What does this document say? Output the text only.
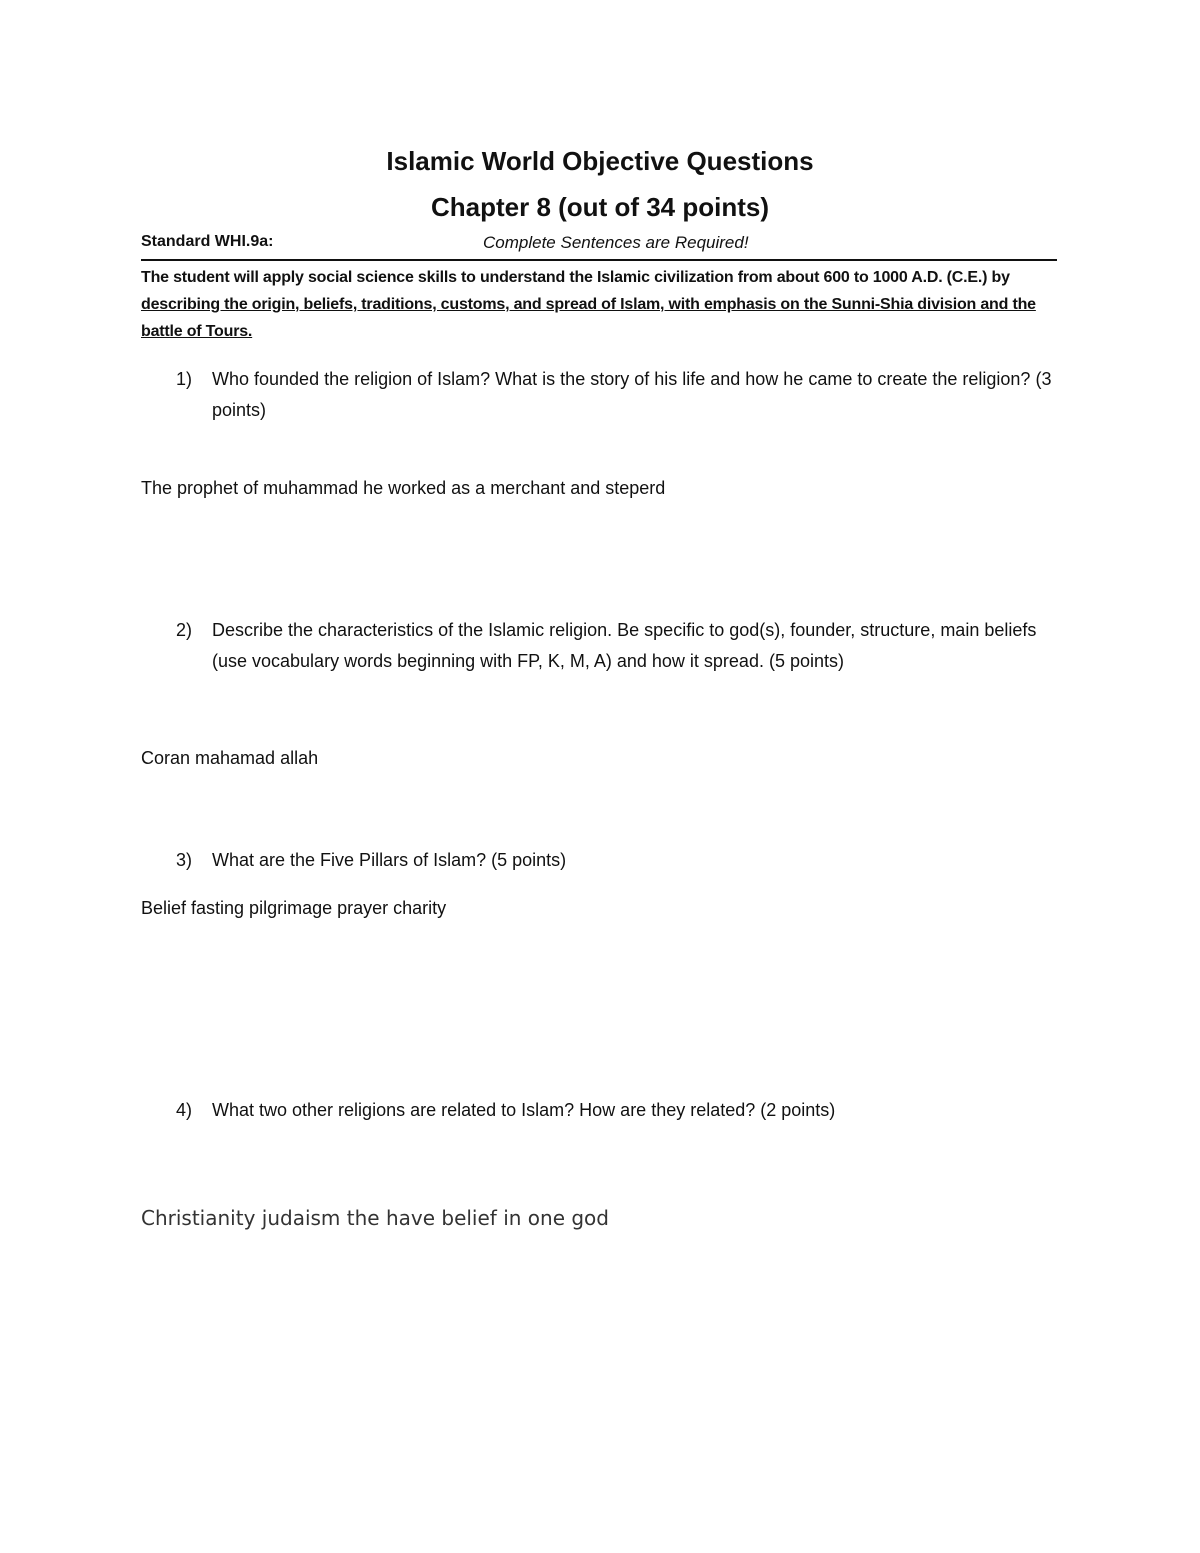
Islamic World Objective Questions
Chapter 8 (out of 34 points)
Standard WHI.9a:	Complete Sentences are Required!
The student will apply social science skills to understand the Islamic civilization from about 600 to 1000 A.D. (C.E.) by describing the origin, beliefs, traditions, customs, and spread of Islam, with emphasis on the Sunni-Shia division and the battle of Tours.
1) Who founded the religion of Islam? What is the story of his life and how he came to create the religion? (3 points)
The prophet of muhammad he worked as a merchant and steperd
2) Describe the characteristics of the Islamic religion. Be specific to god(s), founder, structure, main beliefs (use vocabulary words beginning with FP, K, M, A) and how it spread. (5 points)
Coran mahamad allah
3) What are the Five Pillars of Islam? (5 points)
Belief fasting pilgrimage prayer charity
4) What two other religions are related to Islam? How are they related? (2 points)
Christianity judaism the have belief in one god
